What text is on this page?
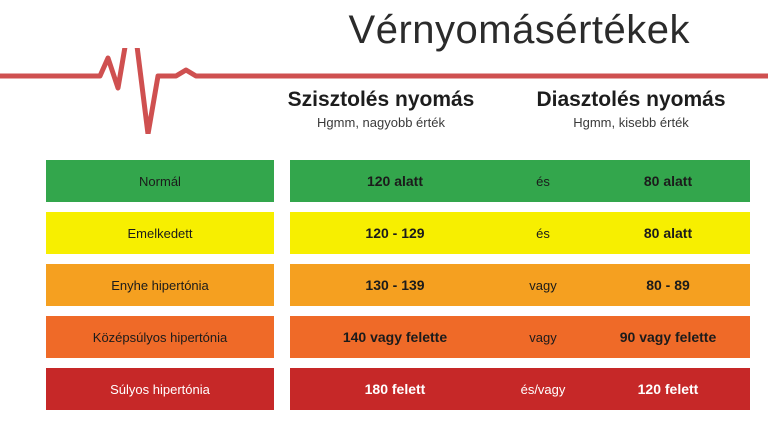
Vérnyomásértékek
Szisztolés nyomás
Hgmm, nagyobb érték
Diasztolés nyomás
Hgmm, kisebb érték
Normál	120 alatt	és	80 alatt
Emelkedett	120 - 129	és	80 alatt
Enyhe hipertónia	130 - 139	vagy	80 - 89
Középsúlyos hipertónia	140 vagy felette	vagy	90 vagy felette
Súlyos hipertónia	180 felett	és/vagy	120 felett
